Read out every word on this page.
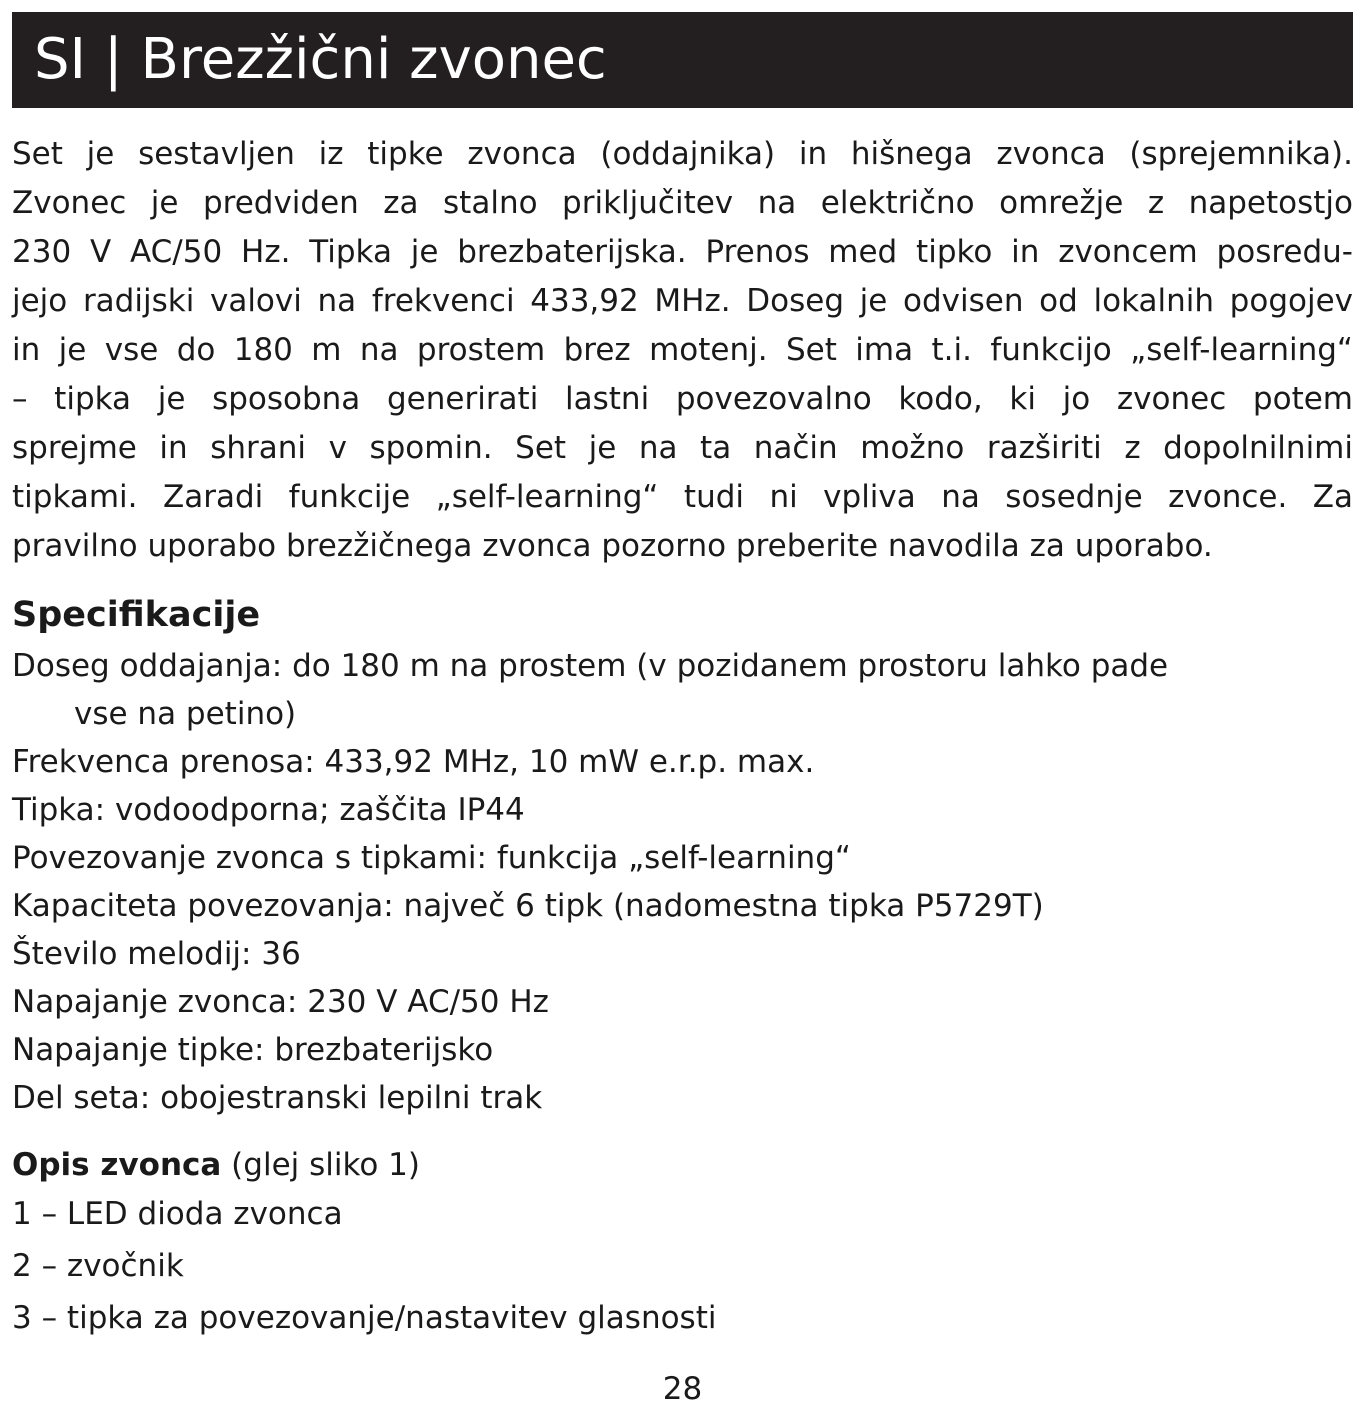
SI | Brezžični zvonec
Set je sestavljen iz tipke zvonca (oddajnika) in hišnega zvonca (sprejemnika).
Zvonec je predviden za stalno priključitev na električno omrežje z napetostjo
230 V AC/50 Hz. Tipka je brezbaterijska. Prenos med tipko in zvoncem posredu-
jejo radijski valovi na frekvenci 433,92 MHz. Doseg je odvisen od lokalnih pogojev
in je vse do 180 m na prostem brez motenj. Set ima t.i. funkcijo „self-learning“
– tipka je sposobna generirati lastni povezovalno kodo, ki jo zvonec potem
sprejme in shrani v spomin. Set je na ta način možno razširiti z dopolnilnimi
tipkami. Zaradi funkcije „self-learning“ tudi ni vpliva na sosednje zvonce. Za
pravilno uporabo brezžičnega zvonca pozorno preberite navodila za uporabo.
Specifikacije
Doseg oddajanja: do 180 m na prostem (v pozidanem prostoru lahko pade
vse na petino)
Frekvenca prenosa: 433,92 MHz, 10 mW e.r.p. max.
Tipka: vodoodporna; zaščita IP44
Povezovanje zvonca s tipkami: funkcija „self-learning“
Kapaciteta povezovanja: največ 6 tipk (nadomestna tipka P5729T)
Število melodij: 36
Napajanje zvonca: 230 V AC/50 Hz
Napajanje tipke: brezbaterijsko
Del seta: obojestranski lepilni trak
Opis zvonca (glej sliko 1)
1 – LED dioda zvonca
2 – zvočnik
3 – tipka za povezovanje/nastavitev glasnosti
28
